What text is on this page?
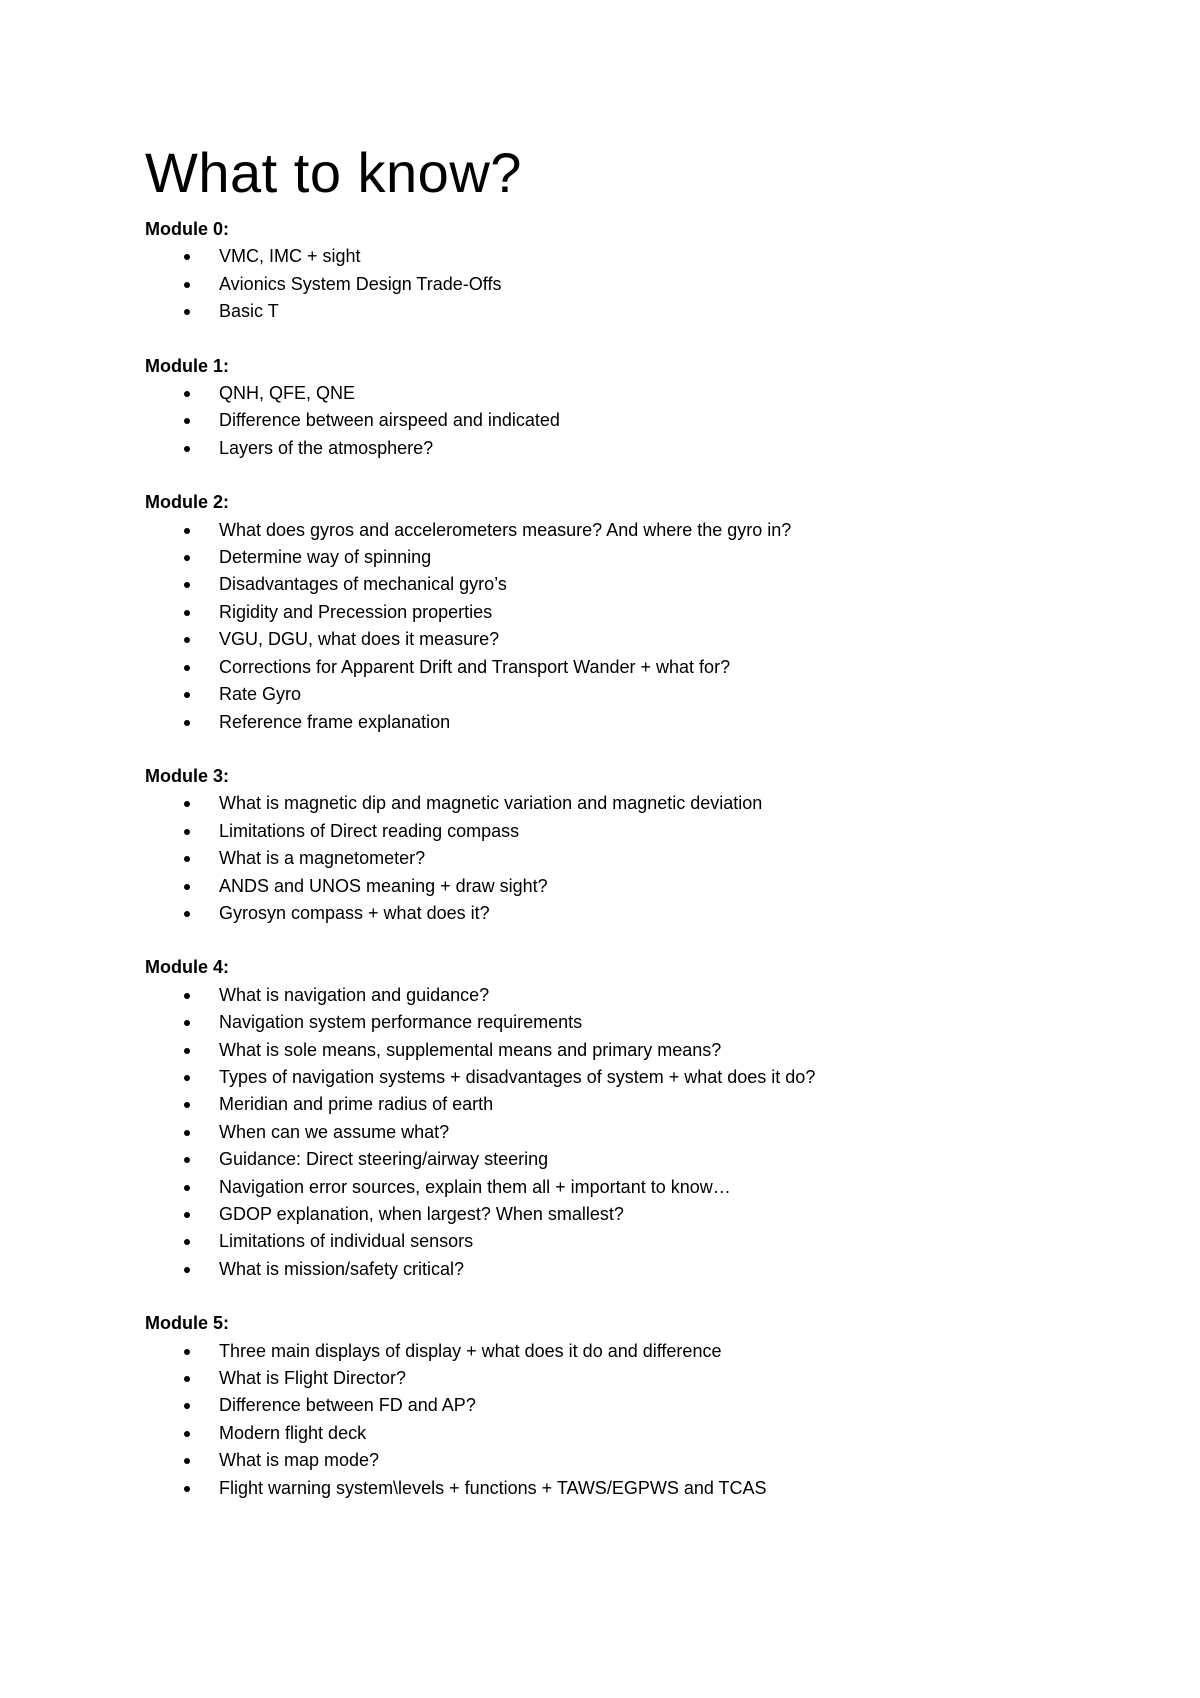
What to know?
Module 0:
VMC, IMC + sight
Avionics System Design Trade-Offs
Basic T
Module 1:
QNH, QFE, QNE
Difference between airspeed and indicated
Layers of the atmosphere?
Module 2:
What does gyros and accelerometers measure? And where the gyro in?
Determine way of spinning
Disadvantages of mechanical gyro’s
Rigidity and Precession properties
VGU, DGU, what does it measure?
Corrections for Apparent Drift and Transport Wander + what for?
Rate Gyro
Reference frame explanation
Module 3:
What is magnetic dip and magnetic variation and magnetic deviation
Limitations of Direct reading compass
What is a magnetometer?
ANDS and UNOS meaning + draw sight?
Gyrosyn compass + what does it?
Module 4:
What is navigation and guidance?
Navigation system performance requirements
What is sole means, supplemental means and primary means?
Types of navigation systems + disadvantages of system + what does it do?
Meridian and prime radius of earth
When can we assume what?
Guidance: Direct steering/airway steering
Navigation error sources, explain them all + important to know…
GDOP explanation, when largest? When smallest?
Limitations of individual sensors
What is mission/safety critical?
Module 5:
Three main displays of display + what does it do and difference
What is Flight Director?
Difference between FD and AP?
Modern flight deck
What is map mode?
Flight warning system\levels + functions + TAWS/EGPWS and TCAS
